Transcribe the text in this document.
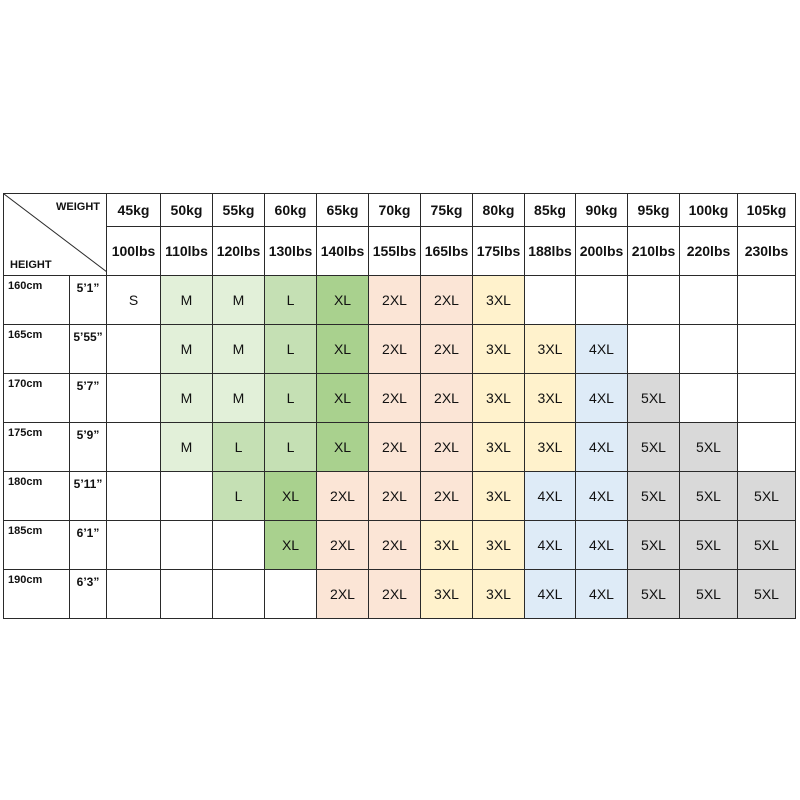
WEIGHT
HEIGHT		45kg	50kg	55kg	60kg	65kg	70kg	75kg	80kg	85kg	90kg	95kg	100kg	105kg
		100lbs	110lbs	120lbs	130lbs	140lbs	155lbs	165lbs	175lbs	188lbs	200lbs	210lbs	220lbs	230lbs
160cm	5’1”	S	M	M	L	XL	2XL	2XL	3XL					
165cm	5’55”		M	M	L	XL	2XL	2XL	3XL	3XL	4XL			
170cm	5’7”		M	M	L	XL	2XL	2XL	3XL	3XL	4XL	5XL		
175cm	5’9”		M	L	L	XL	2XL	2XL	3XL	3XL	4XL	5XL	5XL	
180cm	5’11”			L	XL	2XL	2XL	2XL	3XL	4XL	4XL	5XL	5XL	5XL
185cm	6’1”				XL	2XL	2XL	3XL	3XL	4XL	4XL	5XL	5XL	5XL
190cm	6’3”					2XL	2XL	3XL	3XL	4XL	4XL	5XL	5XL	5XL
